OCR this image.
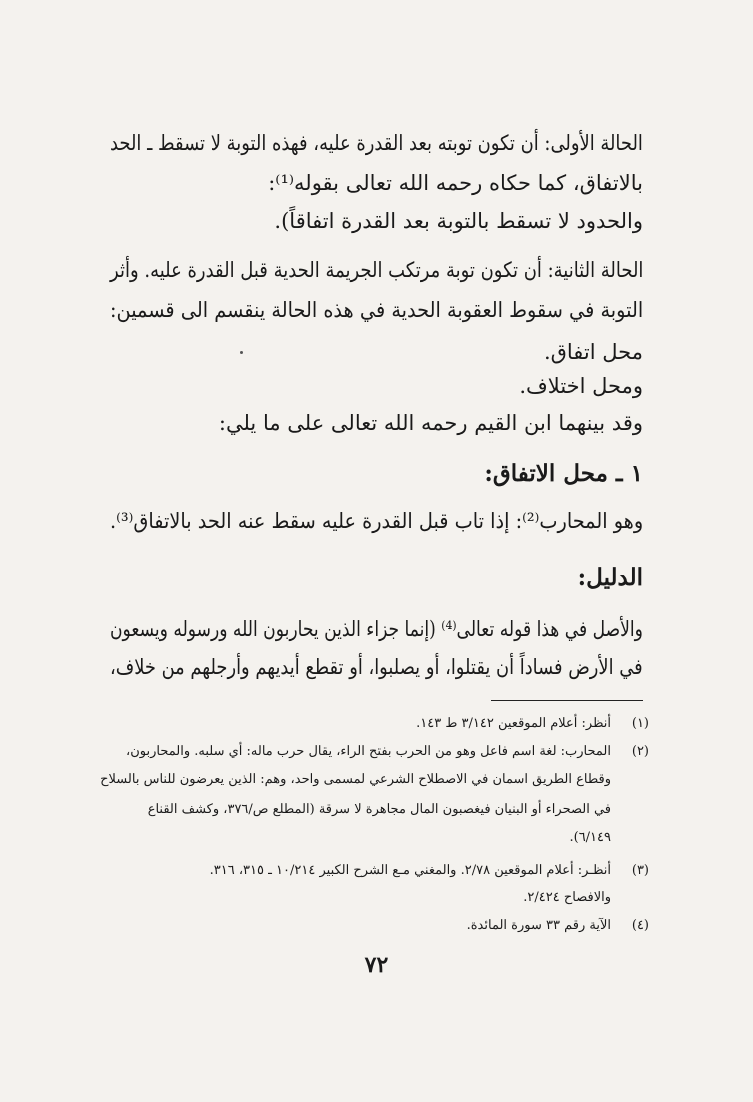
الحالة الأولى: أن تكون توبته بعد القدرة عليه، فهذه التوبة لا تسقط ـ الحد
بالاتفاق، كما حكاه رحمه الله تعالى بقوله⁽¹⁾:
والحدود لا تسقط بالتوبة بعد القدرة اتفاقاً).
الحالة الثانية: أن تكون توبة مرتكب الجريمة الحدية قبل القدرة عليه. وأثر
التوبة في سقوط العقوبة الحدية في هذه الحالة ينقسم الى قسمين:
محل اتفاق.
ومحل اختلاف.
وقد بينهما ابن القيم رحمه الله تعالى على ما يلي:
١ ـ محل الاتفاق:
وهو المحارب⁽²⁾: إذا تاب قبل القدرة عليه سقط عنه الحد بالاتفاق⁽³⁾.
الدليل:
والأصل في هذا قوله تعالى⁽⁴⁾ (إنما جزاء الذين يحاربون الله ورسوله ويسعون
في الأرض فساداً أن يقتلوا، أو يصلبوا، أو تقطع أيديهم وأرجلهم من خلاف،
(١)
أنظر: أعلام الموقعين ٣/١٤٢ ط ١٤٣.
(٢)
المحارب: لغة اسم فاعل وهو من الحرب بفتح الراء، يقال حرب ماله: أي سلبه. والمحاربون،
وقطاع الطريق اسمان في الاصطلاح الشرعي لمسمى واحد، وهم: الذين يعرضون للناس بالسلاح
في الصحراء أو البنيان فيغصبون المال مجاهرة لا سرقة (المطلع ص/٣٧٦، وكشف القناع
٦/١٤٩).
(٣)
أنظـر: أعلام الموقعين ٢/٧٨. والمغني مـع الشرح الكبير ١٠/٢١٤ ـ ٣١٥، ٣١٦.
والافصاح ٢/٤٢٤.
(٤)
الآية رقم ٣٣ سورة المائدة.
٧٢
